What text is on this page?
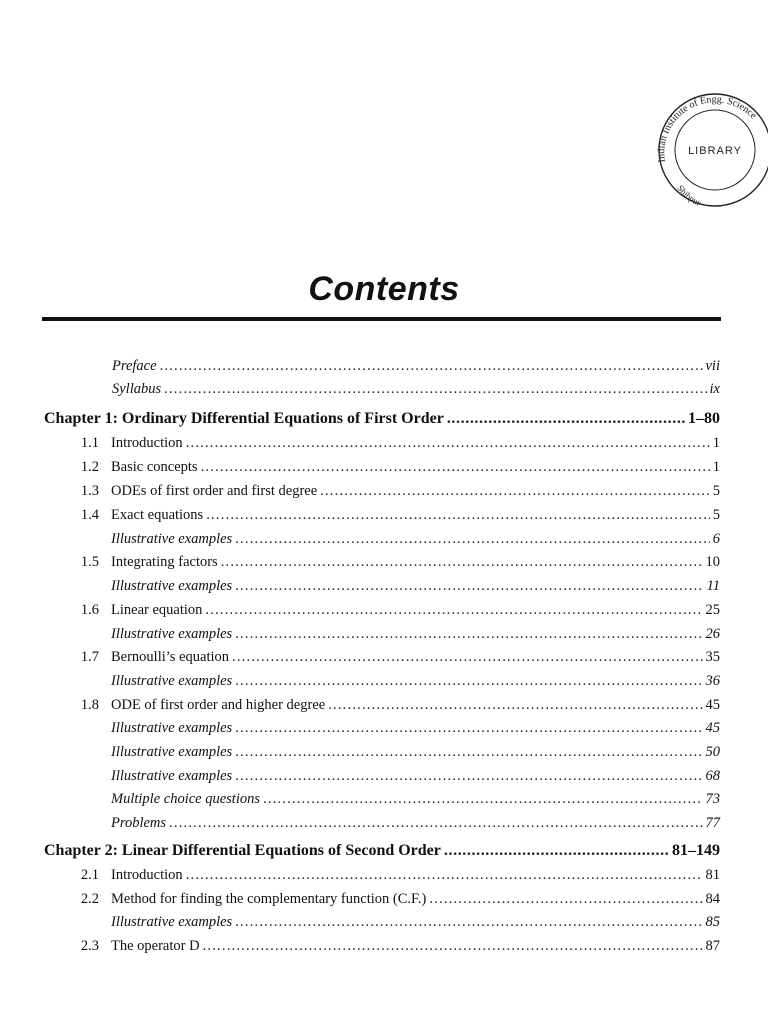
Indian Institute of Engg. Science
Shibpur
LIBRARY
Contents
Preface .....	vii
Syllabus .....	ix
Chapter 1: Ordinary Differential Equations of First Order .....	1–80
1.1 Introduction .....	1
1.2 Basic concepts .....	1
1.3 ODEs of first order and first degree .....	5
1.4 Exact equations .....	5
Illustrative examples .....	6
1.5 Integrating factors .....	10
Illustrative examples .....	11
1.6 Linear equation .....	25
Illustrative examples .....	26
1.7 Bernoulli’s equation .....	35
Illustrative examples .....	36
1.8 ODE of first order and higher degree .....	45
Illustrative examples .....	45
Illustrative examples .....	50
Illustrative examples .....	68
Multiple choice questions .....	73
Problems .....	77
Chapter 2: Linear Differential Equations of Second Order .....	81–149
2.1 Introduction .....	81
2.2 Method for finding the complementary function (C.F.) .....	84
Illustrative examples .....	85
2.3 The operator D .....	87
